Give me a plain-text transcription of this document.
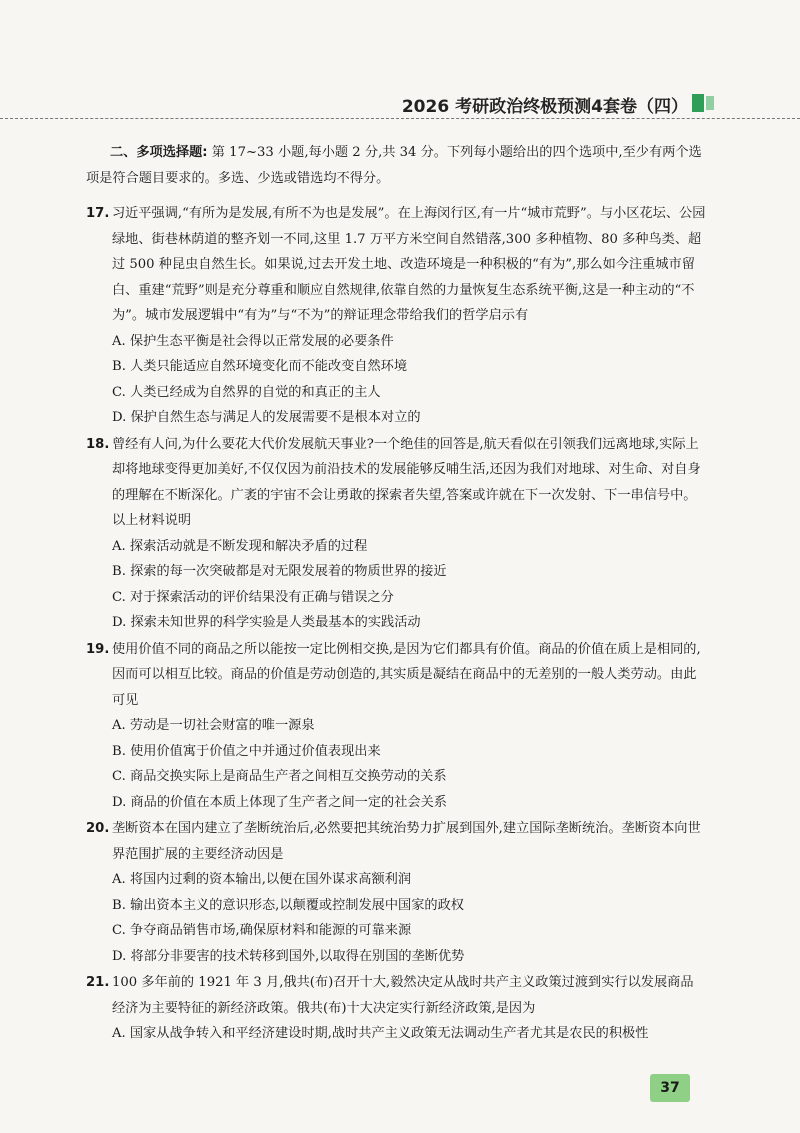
2026 考研政治终极预测4套卷（四）

二、多项选择题: 第 17~33 小题,每小题 2 分,共 34 分。下列每小题给出的四个选项中,至少有两个选项是符合题目要求的。多选、少选或错选均不得分。

17. 习近平强调,“有所为是发展,有所不为也是发展”。在上海闵行区,有一片“城市荒野”。与小区花坛、公园绿地、街巷林荫道的整齐划一不同,这里 1.7 万平方米空间自然错落,300 多种植物、80 多种鸟类、超过 500 种昆虫自然生长。如果说,过去开发土地、改造环境是一种积极的“有为”,那么如今注重城市留白、重建“荒野”则是充分尊重和顺应自然规律,依靠自然的力量恢复生态系统平衡,这是一种主动的“不为”。城市发展逻辑中“有为”与“不为”的辩证理念带给我们的哲学启示有

A. 保护生态平衡是社会得以正常发展的必要条件

B. 人类只能适应自然环境变化而不能改变自然环境

C. 人类已经成为自然界的自觉的和真正的主人

D. 保护自然生态与满足人的发展需要不是根本对立的

18. 曾经有人问,为什么要花大代价发展航天事业?一个绝佳的回答是,航天看似在引领我们远离地球,实际上却将地球变得更加美好,不仅仅因为前沿技术的发展能够反哺生活,还因为我们对地球、对生命、对自身的理解在不断深化。广袤的宇宙不会让勇敢的探索者失望,答案或许就在下一次发射、下一串信号中。以上材料说明

A. 探索活动就是不断发现和解决矛盾的过程

B. 探索的每一次突破都是对无限发展着的物质世界的接近

C. 对于探索活动的评价结果没有正确与错误之分

D. 探索未知世界的科学实验是人类最基本的实践活动

19. 使用价值不同的商品之所以能按一定比例相交换,是因为它们都具有价值。商品的价值在质上是相同的,因而可以相互比较。商品的价值是劳动创造的,其实质是凝结在商品中的无差别的一般人类劳动。由此可见

A. 劳动是一切社会财富的唯一源泉

B. 使用价值寓于价值之中并通过价值表现出来

C. 商品交换实际上是商品生产者之间相互交换劳动的关系

D. 商品的价值在本质上体现了生产者之间一定的社会关系

20. 垄断资本在国内建立了垄断统治后,必然要把其统治势力扩展到国外,建立国际垄断统治。垄断资本向世界范围扩展的主要经济动因是

A. 将国内过剩的资本输出,以便在国外谋求高额利润

B. 输出资本主义的意识形态,以颠覆或控制发展中国家的政权

C. 争夺商品销售市场,确保原材料和能源的可靠来源

D. 将部分非要害的技术转移到国外,以取得在别国的垄断优势

21. 100 多年前的 1921 年 3 月,俄共(布)召开十大,毅然决定从战时共产主义政策过渡到实行以发展商品经济为主要特征的新经济政策。俄共(布)十大决定实行新经济政策,是因为

A. 国家从战争转入和平经济建设时期,战时共产主义政策无法调动生产者尤其是农民的积极性

37
